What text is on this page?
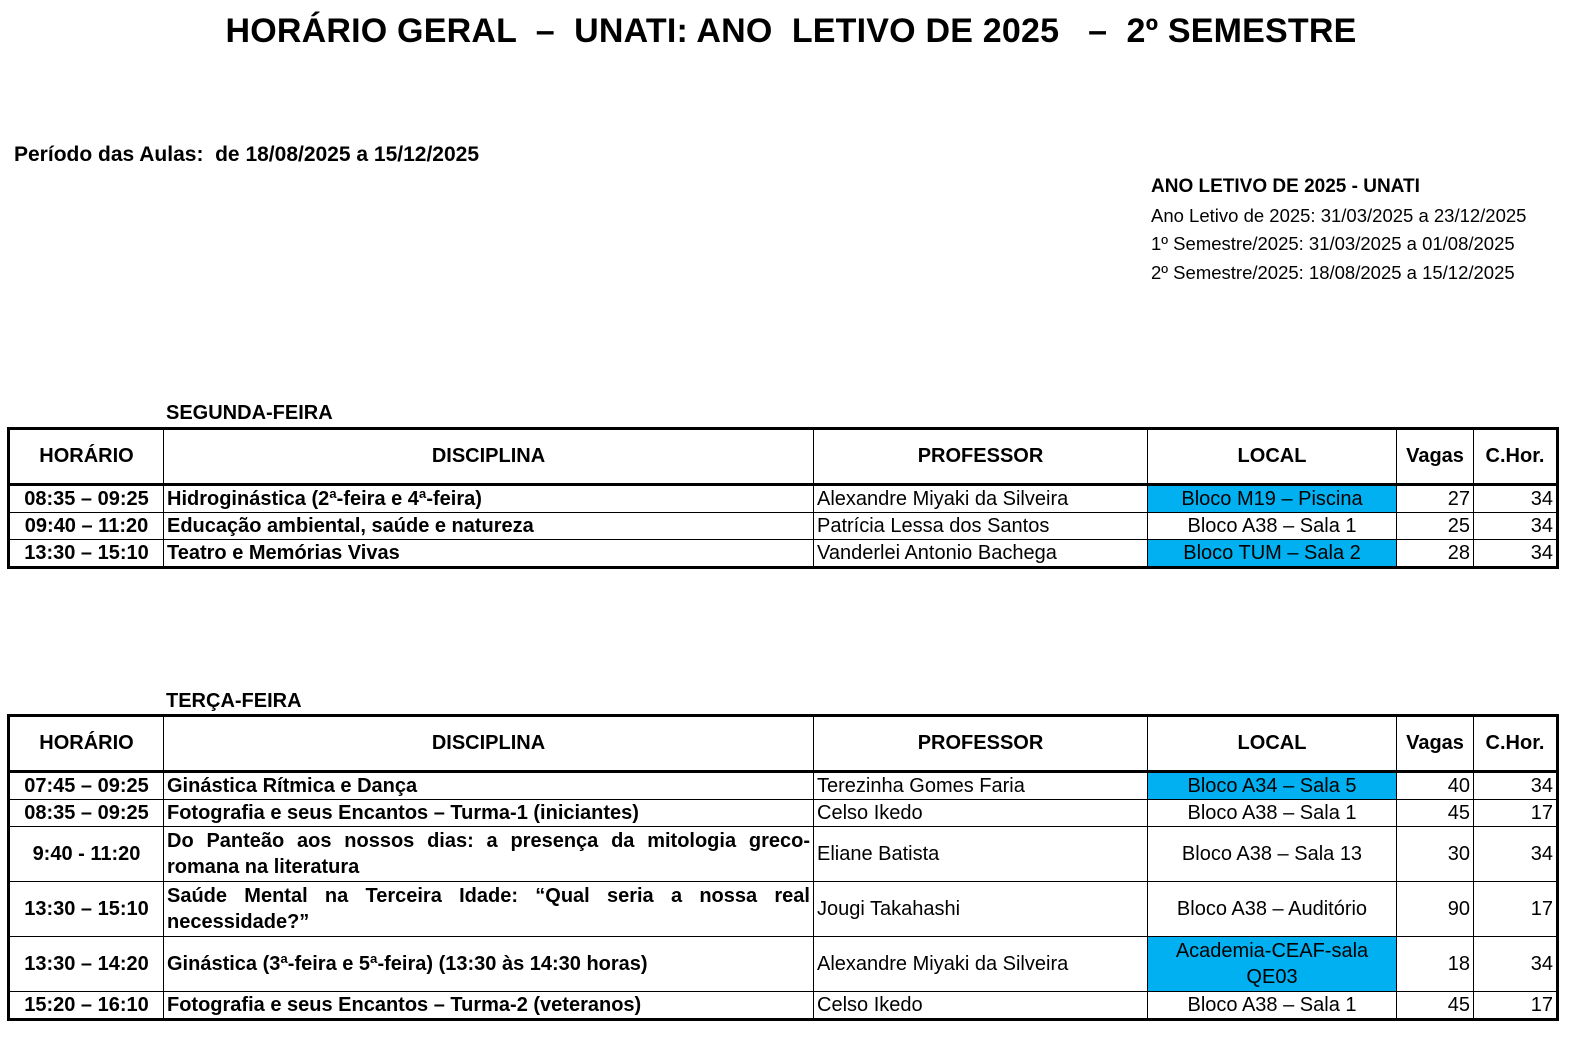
HORÁRIO GERAL  –  UNATI: ANO  LETIVO DE 2025   –  2º SEMESTRE
Período das Aulas:  de 18/08/2025 a 15/12/2025
ANO LETIVO DE 2025 - UNATI
Ano Letivo de 2025: 31/03/2025 a 23/12/2025
1º Semestre/2025: 31/03/2025 a 01/08/2025
2º Semestre/2025: 18/08/2025 a 15/12/2025
SEGUNDA-FEIRA
HORÁRIO	DISCIPLINA	PROFESSOR	LOCAL	Vagas	C.Hor.
08:35 – 09:25	Hidroginástica (2ª-feira e 4ª-feira)	Alexandre Miyaki da Silveira	Bloco M19 – Piscina	27	34
09:40 – 11:20	Educação ambiental, saúde e natureza	Patrícia Lessa dos Santos	Bloco A38 – Sala 1	25	34
13:30 – 15:10	Teatro e Memórias Vivas	Vanderlei Antonio Bachega	Bloco TUM – Sala 2	28	34
TERÇA-FEIRA
HORÁRIO	DISCIPLINA	PROFESSOR	LOCAL	Vagas	C.Hor.
07:45 – 09:25	Ginástica Rítmica e Dança	Terezinha Gomes Faria	Bloco A34 – Sala 5	40	34
08:35 – 09:25	Fotografia e seus Encantos – Turma-1 (iniciantes)	Celso Ikedo	Bloco A38 – Sala 1	45	17
9:40 - 11:20	Do Panteão aos nossos dias: a presença da mitologia greco-romana na literatura	Eliane Batista	Bloco A38 – Sala 13	30	34
13:30 – 15:10	Saúde Mental na Terceira Idade: “Qual seria a nossa real necessidade?”	Jougi Takahashi	Bloco A38 – Auditório	90	17
13:30 – 14:20	Ginástica (3ª-feira e 5ª-feira) (13:30 às 14:30 horas)	Alexandre Miyaki da Silveira	Academia-CEAF-sala QE03	18	34
15:20 – 16:10	Fotografia e seus Encantos – Turma-2 (veteranos)	Celso Ikedo	Bloco A38 – Sala 1	45	17
